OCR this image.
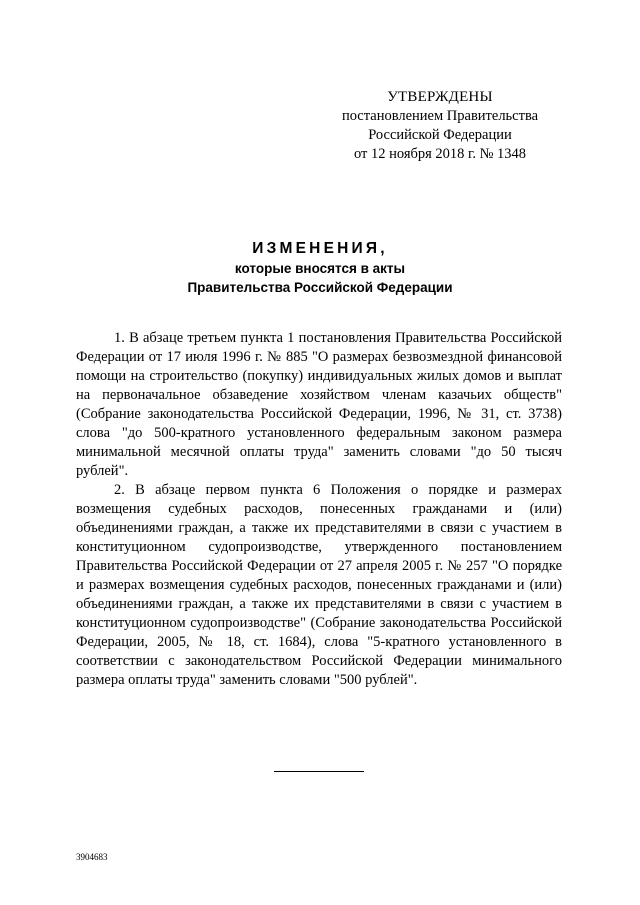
УТВЕРЖДЕНЫ
постановлением Правительства
Российской Федерации
от 12 ноября 2018 г. № 1348
ИЗМЕНЕНИЯ,
которые вносятся в акты
Правительства Российской Федерации

1. В абзаце третьем пункта 1 постановления Правительства Российской Федерации от 17 июля 1996 г. № 885 "О размерах безвозмездной финансовой помощи на строительство (покупку) индивидуальных жилых домов и выплат на первоначальное обзаведение хозяйством членам казачьих обществ" (Собрание законодательства Российской Федерации, 1996, № 31, ст. 3738) слова "до 500-кратного установленного федеральным законом размера минимальной месячной оплаты труда" заменить словами "до 50 тысяч рублей".

2. В абзаце первом пункта 6 Положения о порядке и размерах возмещения судебных расходов, понесенных гражданами и (или) объединениями граждан, а также их представителями в связи с участием в конституционном судопроизводстве, утвержденного постановлением Правительства Российской Федерации от 27 апреля 2005 г. № 257 "О порядке и размерах возмещения судебных расходов, понесенных гражданами и (или) объединениями граждан, а также их представителями в связи с участием в конституционном судопроизводстве" (Собрание законодательства Российской Федерации, 2005, № 18, ст. 1684), слова "5-кратного установленного в соответствии с законодательством Российской Федерации минимального размера оплаты труда" заменить словами "500 рублей".

3904683
